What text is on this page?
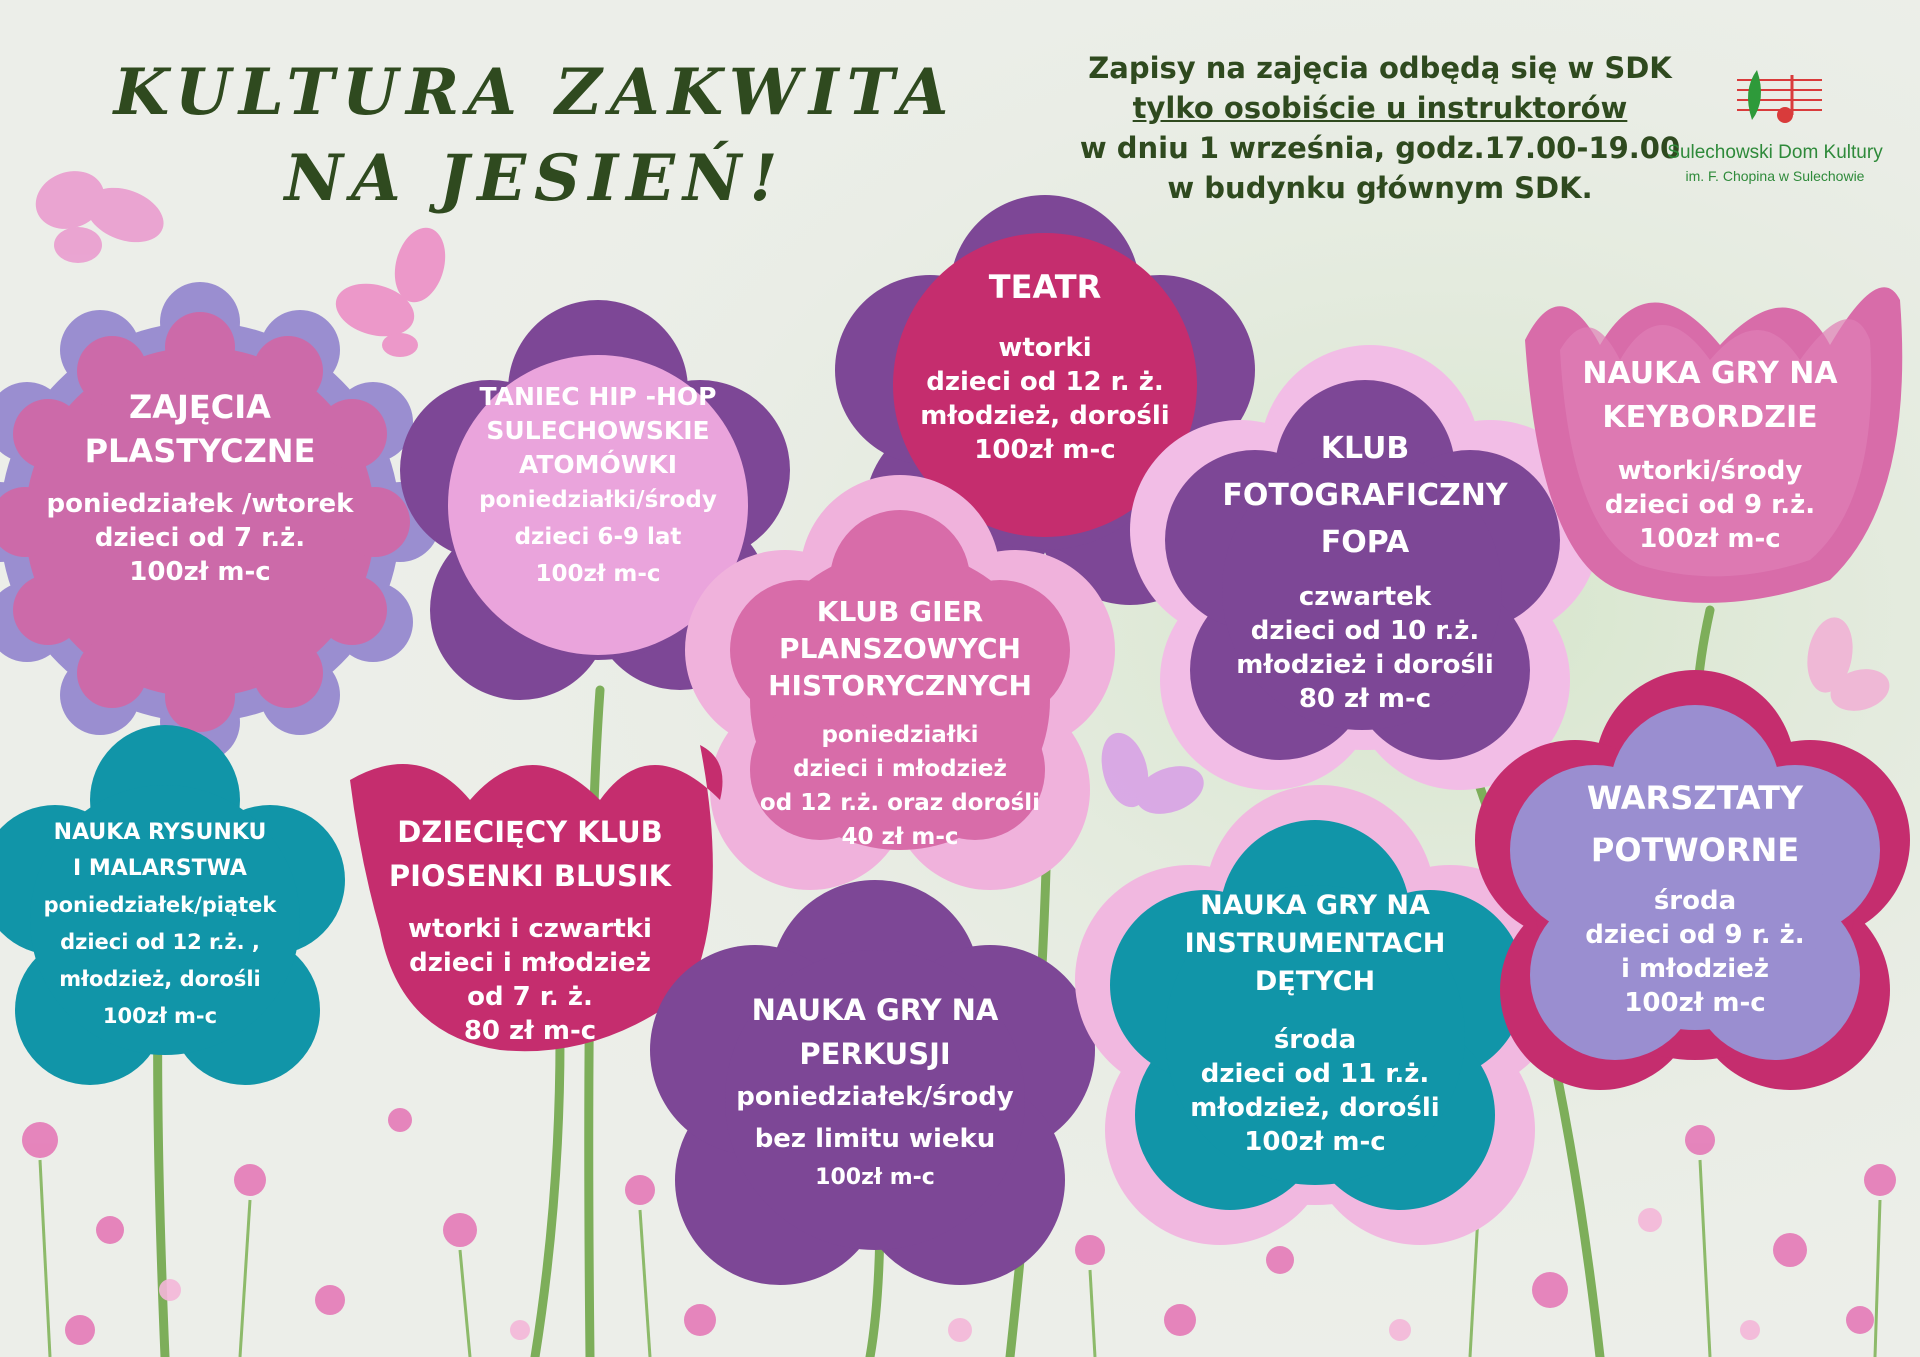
KULTURA ZAKWITA
NA JESIEŃ!
Zapisy na zajęcia odbędą się w SDK
tylko osobiście u instruktorów
w dniu 1 września, godz.17.00-19.00
w budynku głównym SDK.
Sulechowski Dom Kultury
im. F. Chopina w Sulechowie
ZAJĘCIA
PLASTYCZNE
poniedziałek /wtorek
dzieci od 7 r.ż.
100zł m-c
TANIEC HIP -HOP
SULECHOWSKIE
ATOMÓWKI
poniedziałki/środy
dzieci 6-9 lat
100zł m-c
TEATR
wtorki
dzieci od 12 r. ż.
młodzież, dorośli
100zł m-c	KLUB
FOTOGRAFICZNY
FOPA
czwartek
dzieci od 10 r.ż.
młodzież i dorośli
80 zł m-c
NAUKA GRY NA
KEYBORDZIE
wtorki/środy
dzieci od 9 r.ż.
100zł m-c
KLUB GIER
PLANSZOWYCH
HISTORYCZNYCH
poniedziałki
dzieci i młodzież
od 12 r.ż. oraz dorośli
40 zł m-c
NAUKA RYSUNKU
I MALARSTWA
poniedziałek/piątek
dzieci od 12 r.ż. ,
młodzież, dorośli
100zł m-c
DZIECIĘCY KLUB
PIOSENKI BLUSIK
wtorki i czwartki
dzieci i młodzież
od 7 r. ż.
80 zł m-c
NAUKA GRY NA
PERKUSJI
poniedziałek/środy
bez limitu wieku
100zł m-c
NAUKA GRY NA
INSTRUMENTACH
DĘTYCH
środa
dzieci od 11 r.ż.
młodzież, dorośli
100zł m-c
WARSZTATY
POTWORNE
środa
dzieci od 9 r. ż.
i młodzież
100zł m-c
